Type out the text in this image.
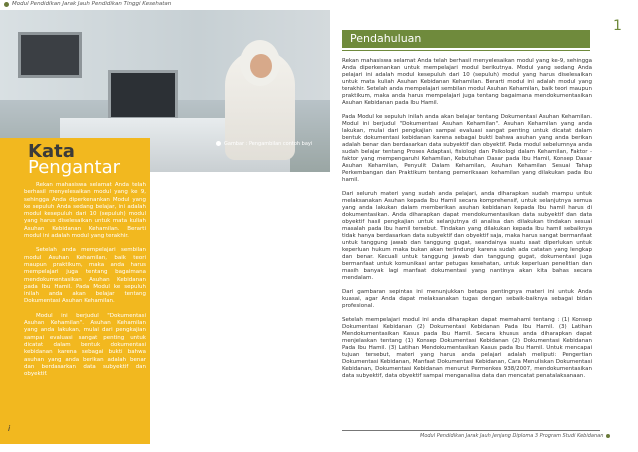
Modul Pendidikan Jarak Jauh Pendidikan Tinggi Kesehatan
Gambar : Pengambilan contoh bayi
Kata
Pengantar

Rekan mahasiswa selamat Anda telah berhasil menyelesaikan modul yang ke 9, sehingga Anda diperkenankan Modul yang ke sepuluh Anda sedang belajar, ini adalah modul kesepuluh dari 10 (sepuluh) modul yang harus diselesaikan untuk mata kuliah Asuhan Kebidanan Kehamilan. Berarti modul ini adalah modul yang terakhir.

Setelah anda mempelajari sembilan modul Asuhan Kehamilan, baik teori maupun praktikum, maka anda harus mempelajari juga tentang bagaimana mendokumentasikan Asuhan Kebidanan pada Ibu Hamil. Pada Modul ke sepuluh inilah anda akan belajar tentang Dokumentasi Asuhan Kehamilan.

Modul ini berjudul "Dokumentasi Asuhan Kehamilan". Asuhan Kehamilan yang anda lakukan, mulai dari pengkajian sampai evaluasi sangat penting untuk dicatat dalam bentuk dokumentasi kebidanan karena sebagai bukti bahwa asuhan yang anda berikan adalah benar dan berdasarkan data subyektif dan obyektif.

i
1
Pendahuluan

Rekan mahasiswa selamat Anda telah berhasil menyelesaikan modul yang ke-9, sehingga Anda diperkenankan untuk mempelajari modul berikutnya. Modul yang sedang Anda pelajari ini adalah modul kesepuluh dari 10 (sepuluh) modul yang harus diselesaikan untuk mata kuliah Asuhan Kebidanan Kehamilan. Berarti modul ini adalah modul yang terakhir. Setelah anda mempelajari sembilan modul Asuhan Kehamilan, baik teori maupun praktikum, maka anda harus mempelajari juga tentang bagaimana mendokumentasikan Asuhan Kebidanan pada Ibu Hamil.

Pada Modul ke sepuluh inilah anda akan belajar tentang Dokumentasi Asuhan Kehamilan. Modul ini berjudul "Dokumentasi Asuhan Kehamilan". Asuhan Kehamilan yang anda lakukan, mulai dari pengkajian sampai evaluasi sangat penting untuk dicatat dalam bentuk dokumentasi kebidanan karena sebagai bukti bahwa asuhan yang anda berikan adalah benar dan berdasarkan data subyektif dan obyektif. Pada modul sebelumnya anda sudah belajar tentang Proses Adaptasi, fisiologi dan Psikologi dalam Kehamilan, Faktor - faktor yang mempengaruhi Kehamilan, Kebutuhan Dasar pada Ibu Hamil, Konsep Dasar Asuhan Kehamilan, Penyulit Dalam Kehamilan, Asuhan Kehamilan Sesuai Tahap Perkembangan dan Praktikum tentang pemeriksaan kehamilan yang dilakukan pada ibu hamil.

Dari seluruh materi yang sudah anda pelajari, anda diharapkan sudah mampu untuk melaksanakan Asuhan kepada Ibu Hamil secara komprehensif, untuk selanjutnya semua yang anda lakukan dalam memberikan asuhan kebidanan kepada Ibu hamil harus di dokumentasikan. Anda diharapkan dapat mendokumentasikan data subyektif dan data obyektif hasil pengkajian untuk selanjutnya di analisa dan dilakukan tindakan sesuai masalah pada Ibu hamil tersebut. Tindakan yang dilakukan kepada Ibu hamil sebaiknya tidak hanya berdasarkan data subyektif dan obyektif saja, maka harus sangat bermanfaat untuk tanggung jawab dan tanggung gugat, seandainya suatu saat diperlukan untuk keperluan hukum maka bukan akan terlindungi karena sudah ada catatan yang lengkap dan benar. Kecuali untuk tanggung jawab dan tanggung gugat, dokumentasi juga bermanfaat untuk komunikasi antar petugas kesehatan, untuk keperluan penelitian dan masih banyak lagi manfaat dokumentasi yang nantinya akan kita bahas secara mendalam.

Dari gambaran sepintas ini menunjukkan betapa pentingnya materi ini untuk Anda kuasai, agar Anda dapat melaksanakan tugas dengan sebaik-baiknya sebagai bidan profesional.

Setelah mempelajari modul ini anda diharapkan dapat memahami tentang : (1) Konsep Dokumentasi Kebidanan (2) Dokumentasi Kebidanan Pada Ibu Hamil. (3) Latihan Mendokumentasikan Kasus pada Ibu Hamil. Secara khusus anda diharapkan dapat menjelaskan tentang (1) Konsep Dokumentasi Kebidanan (2) Dokumentasi Kebidanan Pada Ibu Hamil. (3) Latihan Mendokumentasikan Kasus pada Ibu Hamil. Untuk mencapai tujuan tersebut, materi yang harus anda pelajari adalah meliputi: Pengertian Dokumentasi Kebidanan, Manfaat Dokumentasi Kebidanan, Cara Menuliskan Dokumentasi Kebidanan, Dokumentasi Kebidanan menurut Permenkes 938/2007, mendokumentasikan data subyektif, data obyektif sampai menganalisa data dan mencatat penatalaksanaan.

Modul Pendidikan Jarak Jauh Jenjang Diploma 3 Program Studi Kebidanan
